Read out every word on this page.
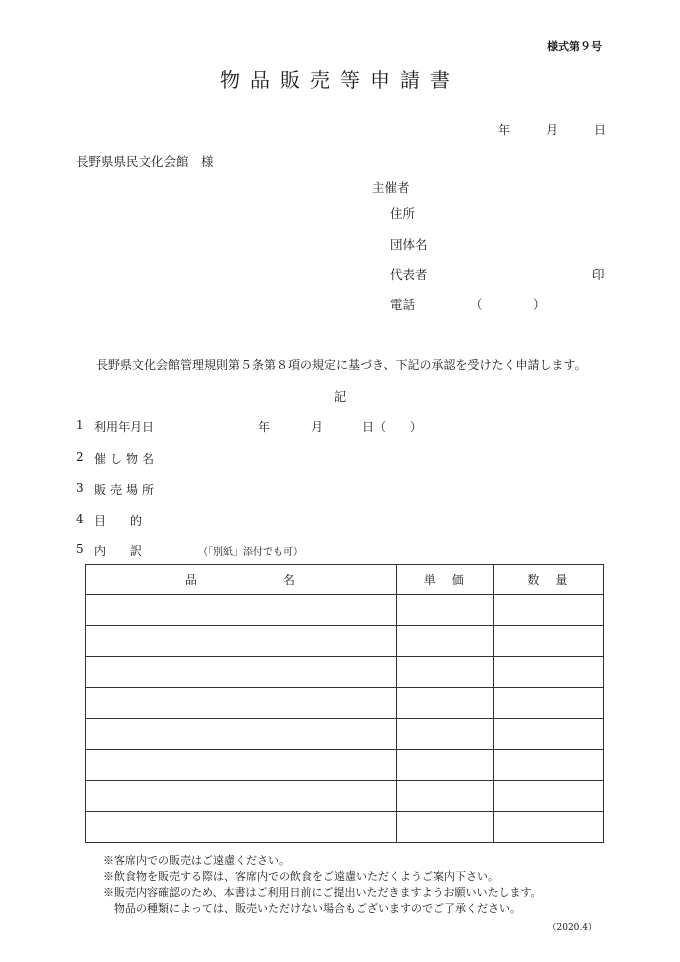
様式第９号
物品販売等申請書
年	月	日
長野県県民文化会館　様
主催者
住所
団体名
代表者	印
電話	（	）
長野県文化会館管理規則第５条第８項の規定に基づき、下記の承認を受けたく申請します。
記
1 利用年月日	年	月	日（　　）
2 催し物名
3 販売場所
4 目　　的
5 内　　訳	（「別紙」添付でも可）
品　　　　　　名	単　価	数　量

※客席内での販売はご遠慮ください。
※飲食物を販売する際は、客席内での飲食をご遠慮いただくようご案内下さい。
※販売内容確認のため、本書はご利用日前にご提出いただきますようお願いいたします。
　物品の種類によっては、販売いただけない場合もございますのでご了承ください。
（2020.4）
